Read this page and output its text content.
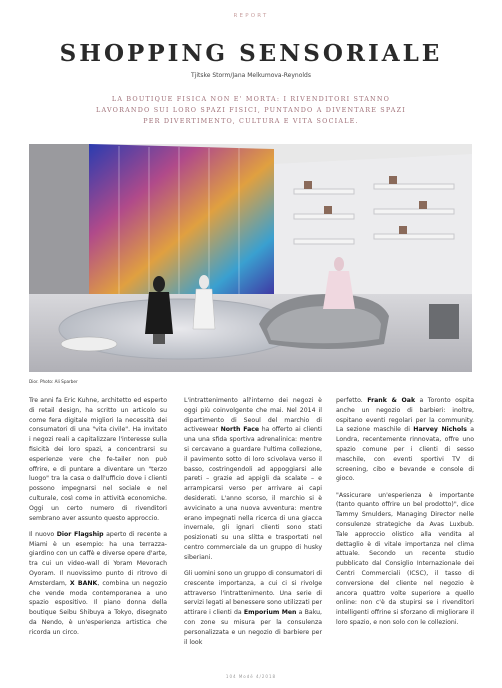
REPORT
SHOPPING SENSORIALE
Tjitske Storm/Jana Melkumova-Reynolds
LA BOUTIQUE FISICA NON E' MORTA: I RIVENDITORI STANNO LAVORANDO SUI LORO SPAZI FISICI, PUNTANDO A DIVENTARE SPAZI PER DIVERTIMENTO, CULTURA E VITA SOCIALE.
Dior. Photo: Ali Sparber

Tre anni fa Eric Kuhne, architetto ed esperto di retail design, ha scritto un articolo su come fera digitale migliori la necessità dei consumatori di una "vita civile". Ha invitato i negozi reali a capitalizzare l'interesse sulla fisicità dei loro spazi, a concentrarsi su esperienze vere che fe-tailer non può offrire, e di puntare a diventare un "terzo luogo" tra la casa o dall'ufficio dove i clienti possono impegnarsi nel sociale e nel culturale, così come in attività economiche. Oggi un certo numero di rivenditori sembrano aver assunto questo approccio.

Il nuovo Dior Flagship aperto di recente a Miami è un esempio: ha una terrazza-giardino con un caffè e diverse opere d'arte, tra cui un video-wall di Yoram Mevorach Oyoram. Il nuovissimo punto di ritrovo di Amsterdam, X BANK, combina un negozio che vende moda contemporanea a uno spazio espositivo. Il piano donna della boutique Seibu Shibuya a Tokyo, disegnato da Nendo, è un'esperienza artistica che ricorda un circo.

L'intrattenimento all'interno dei negozi è oggi più coinvolgente che mai. Nel 2014 il dipartimento di Seoul del marchio di activewear North Face ha offerto ai clienti una una sfida sportiva adrenalinica: mentre si cercavano a guardare l'ultima collezione, il pavimento sotto di loro scivolava verso il basso, costringendoli ad appoggiarsi alle pareti – grazie ad appigli da scalate – e arrampicarsi verso per arrivare ai capi desiderati. L'anno scorso, il marchio si è avvicinato a una nuova avventura: mentre erano impegnati nella ricerca di una giacca invernale, gli ignari clienti sono stati posizionati su una slitta e trasportati nel centro commerciale da un gruppo di husky siberiani.

Gli uomini sono un gruppo di consumatori di crescente importanza, a cui ci si rivolge attraverso l'intrattenimento. Una serie di servizi legati al benessere sono utilizzati per attirare i clienti da Emporium Men a Baku, con zone su misura per la consulenza personalizzata e un negozio di barbiere per il look

perfetto. Frank & Oak a Toronto ospita anche un negozio di barbieri: inoltre, ospitano eventi regolari per la community. La sezione maschile di Harvey Nichols a Londra, recentemente rinnovata, offre uno spazio comune per i clienti di sesso maschile, con eventi sportivi TV di screening, cibo e bevande e console di gioco.

"Assicurare un'esperienza è importante (tanto quanto offrire un bel prodotto)", dice Tammy Smulders, Managing Director nelle consulenze strategiche da Avas Luxbub. Tale approccio olistico alla vendita al dettaglio è di vitale importanza nel clima attuale. Secondo un recente studio pubblicato dal Consiglio Internazionale dei Centri Commerciali (ICSC), il tasso di conversione del cliente nel negozio è ancora quattro volte superiore a quello online: non c'è da stupirsi se i rivenditori intelligenti offrine si sforzano di migliorare il loro spazio, e non solo con le collezioni.

104 Modë 4/2018
